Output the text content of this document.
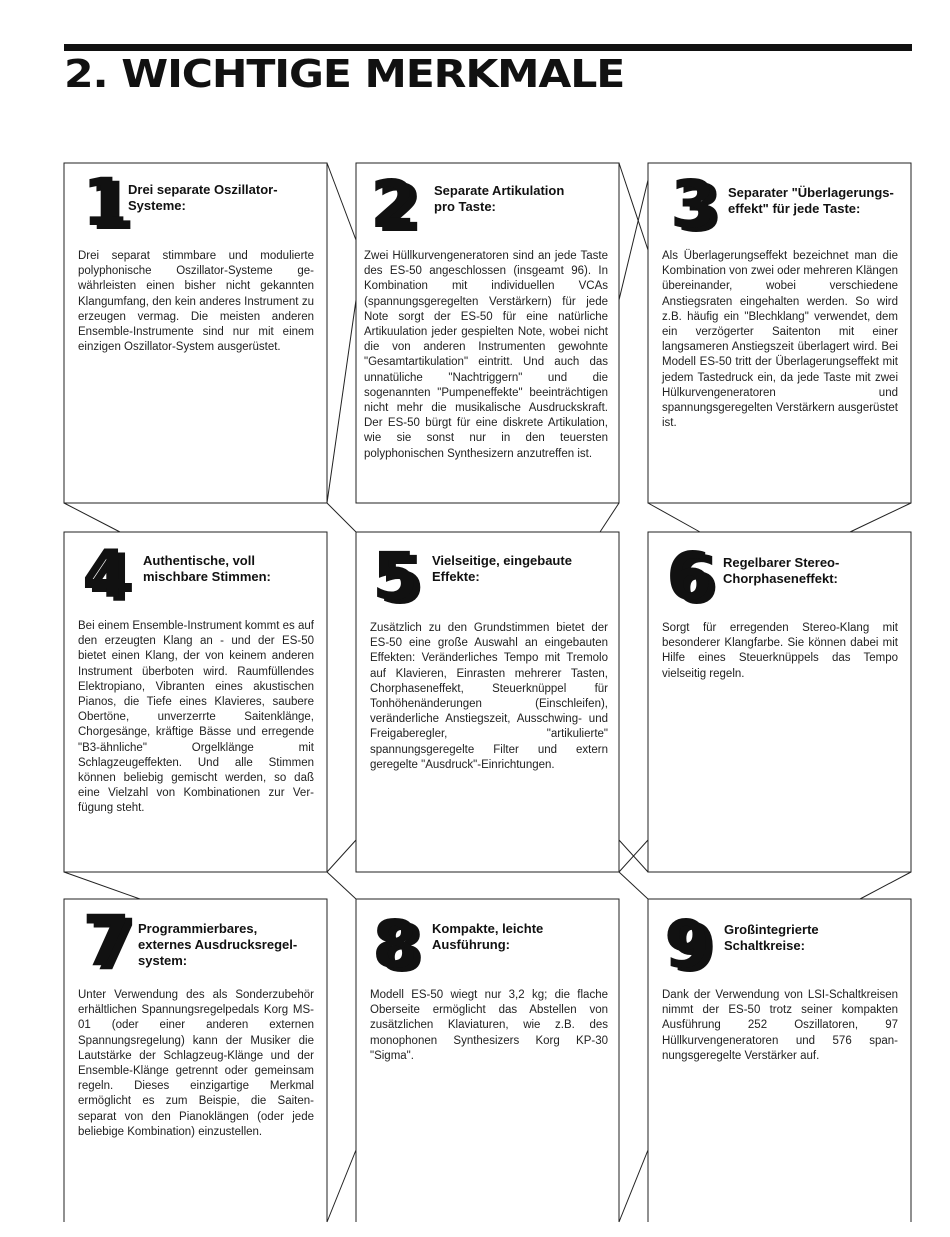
2. WICHTIGE MERKMALE
1 Drei separate Oszillator-
Systeme:

Drei separat stimmbare und modulierte polyphonische Oszillator-Systeme gewährleisten einen bisher nicht gekannten Klangumfang, den kein anderes Instrument zu erzeugen vermag. Die meisten anderen Ensemble-Instrumente sind nur mit einem einzigen Oszillator-System ausgerüstet.

2 Separate Artikulation
pro Taste:

Zwei Hüllkurvengeneratoren sind an jede Taste des ES-50 angeschlossen (insgeamt 96). In Kombination mit individuellen VCAs (spannungsgeregelten Verstärkern) für jede Note sorgt der ES-50 für eine natürliche Artikuulation jeder gespielten Note, wobei nicht die von anderen Instrumenten gewohnte "Gesamtartikulation" eintritt. Und auch das unnatüliche "Nachtriggern" und die sogenannten "Pumpeneffekte" beeinträchtigen nicht mehr die musikalische Ausdruckskraft. Der ES-50 bürgt für eine diskrete Artikulation, wie sie sonst nur in den teuersten polyphonischen Synthesizern anzutreffen ist.

3 Separater "Überlagerungs-
effekt" für jede Taste:

Als Überlagerungseffekt bezeichnet man die Kombination von zwei oder mehreren Klängen übereinander, wobei verschiedene Anstiegsraten eingehalten werden. So wird z.B. häufig ein "Blechklang" verwendet, dem ein verzögerter Saitenton mit einer langsameren Anstiegszeit überlagert wird. Bei Modell ES-50 tritt der Überlagerungseffekt mit jedem Tastedruck ein, da jede Taste mit zwei Hülkurvengeneratoren und spannungsgeregelten Verstärkern ausgerüstet ist.

4 Authentische, voll
mischbare Stimmen:

Bei einem Ensemble-Instrument kommt es auf den erzeugten Klang an - und der ES-50 bietet einen Klang, der von keinem anderen Instrument überboten wird. Raumfüllendes Elektropiano, Vibranten eines akustischen Pianos, die Tiefe eines Klavieres, saubere Obertöne, unverzerrte Saitenklänge, Chorgesänge, kräftige Bässe und erregende "B3-ähnliche" Orgelklänge mit Schlagzeugeffekten. Und alle Stimmen können beliebig gemischt werden, so daß eine Vielzahl von Kombinationen zur Verfügung steht.

5 Vielseitige, eingebaute
Effekte:

Zusätzlich zu den Grundstimmen bietet der ES-50 eine große Auswahl an eingebauten Effekten: Veränderliches Tempo mit Tremolo auf Klavieren, Einrasten mehrerer Tasten, Chorphaseneffekt, Steuerknüppel für Tonhöhenänderungen (Einschleifen), veränderliche Anstiegszeit, Ausschwing- und Freigaberegler, "artikulierte" spannungsgeregelte Filter und extern geregelte "Ausdruck"-Einrichtungen.

6 Regelbarer Stereo-
Chorphaseneffekt:

Sorgt für erregenden Stereo-Klang mit besonderer Klangfarbe. Sie können dabei mit Hilfe eines Steuerknüppels das Tempo vielseitig regeln.

7 Programmierbares,
externes Ausdrucksregel-
system:

Unter Verwendung des als Sonderzubehör erhältlichen Spannungsregelpedals Korg MS-01 (oder einer anderen externen Spannungsregelung) kann der Musiker die Lautstärke der Schlagzeug-Klänge und der Ensemble-Klänge getrennt oder gemeinsam regeln. Dieses einzigartige Merkmal ermöglicht es zum Beispie, die Saiten- separat von den Pianoklängen (oder jede beliebige Kombination) einzustellen.

8 Kompakte, leichte
Ausführung:

Modell ES-50 wiegt nur 3,2 kg; die flache Oberseite ermöglicht das Abstellen von zusätzlichen Klaviaturen, wie z.B. des monophonen Synthesizers Korg KP-30 "Sigma".

9 Großintegrierte
Schaltkreise:

Dank der Verwendung von LSI-Schaltkreisen nimmt der ES-50 trotz seiner kompakten Ausführung 252 Oszillatoren, 97 Hüllkurvengeneratoren und 576 spannungsgeregelte Verstärker auf.
